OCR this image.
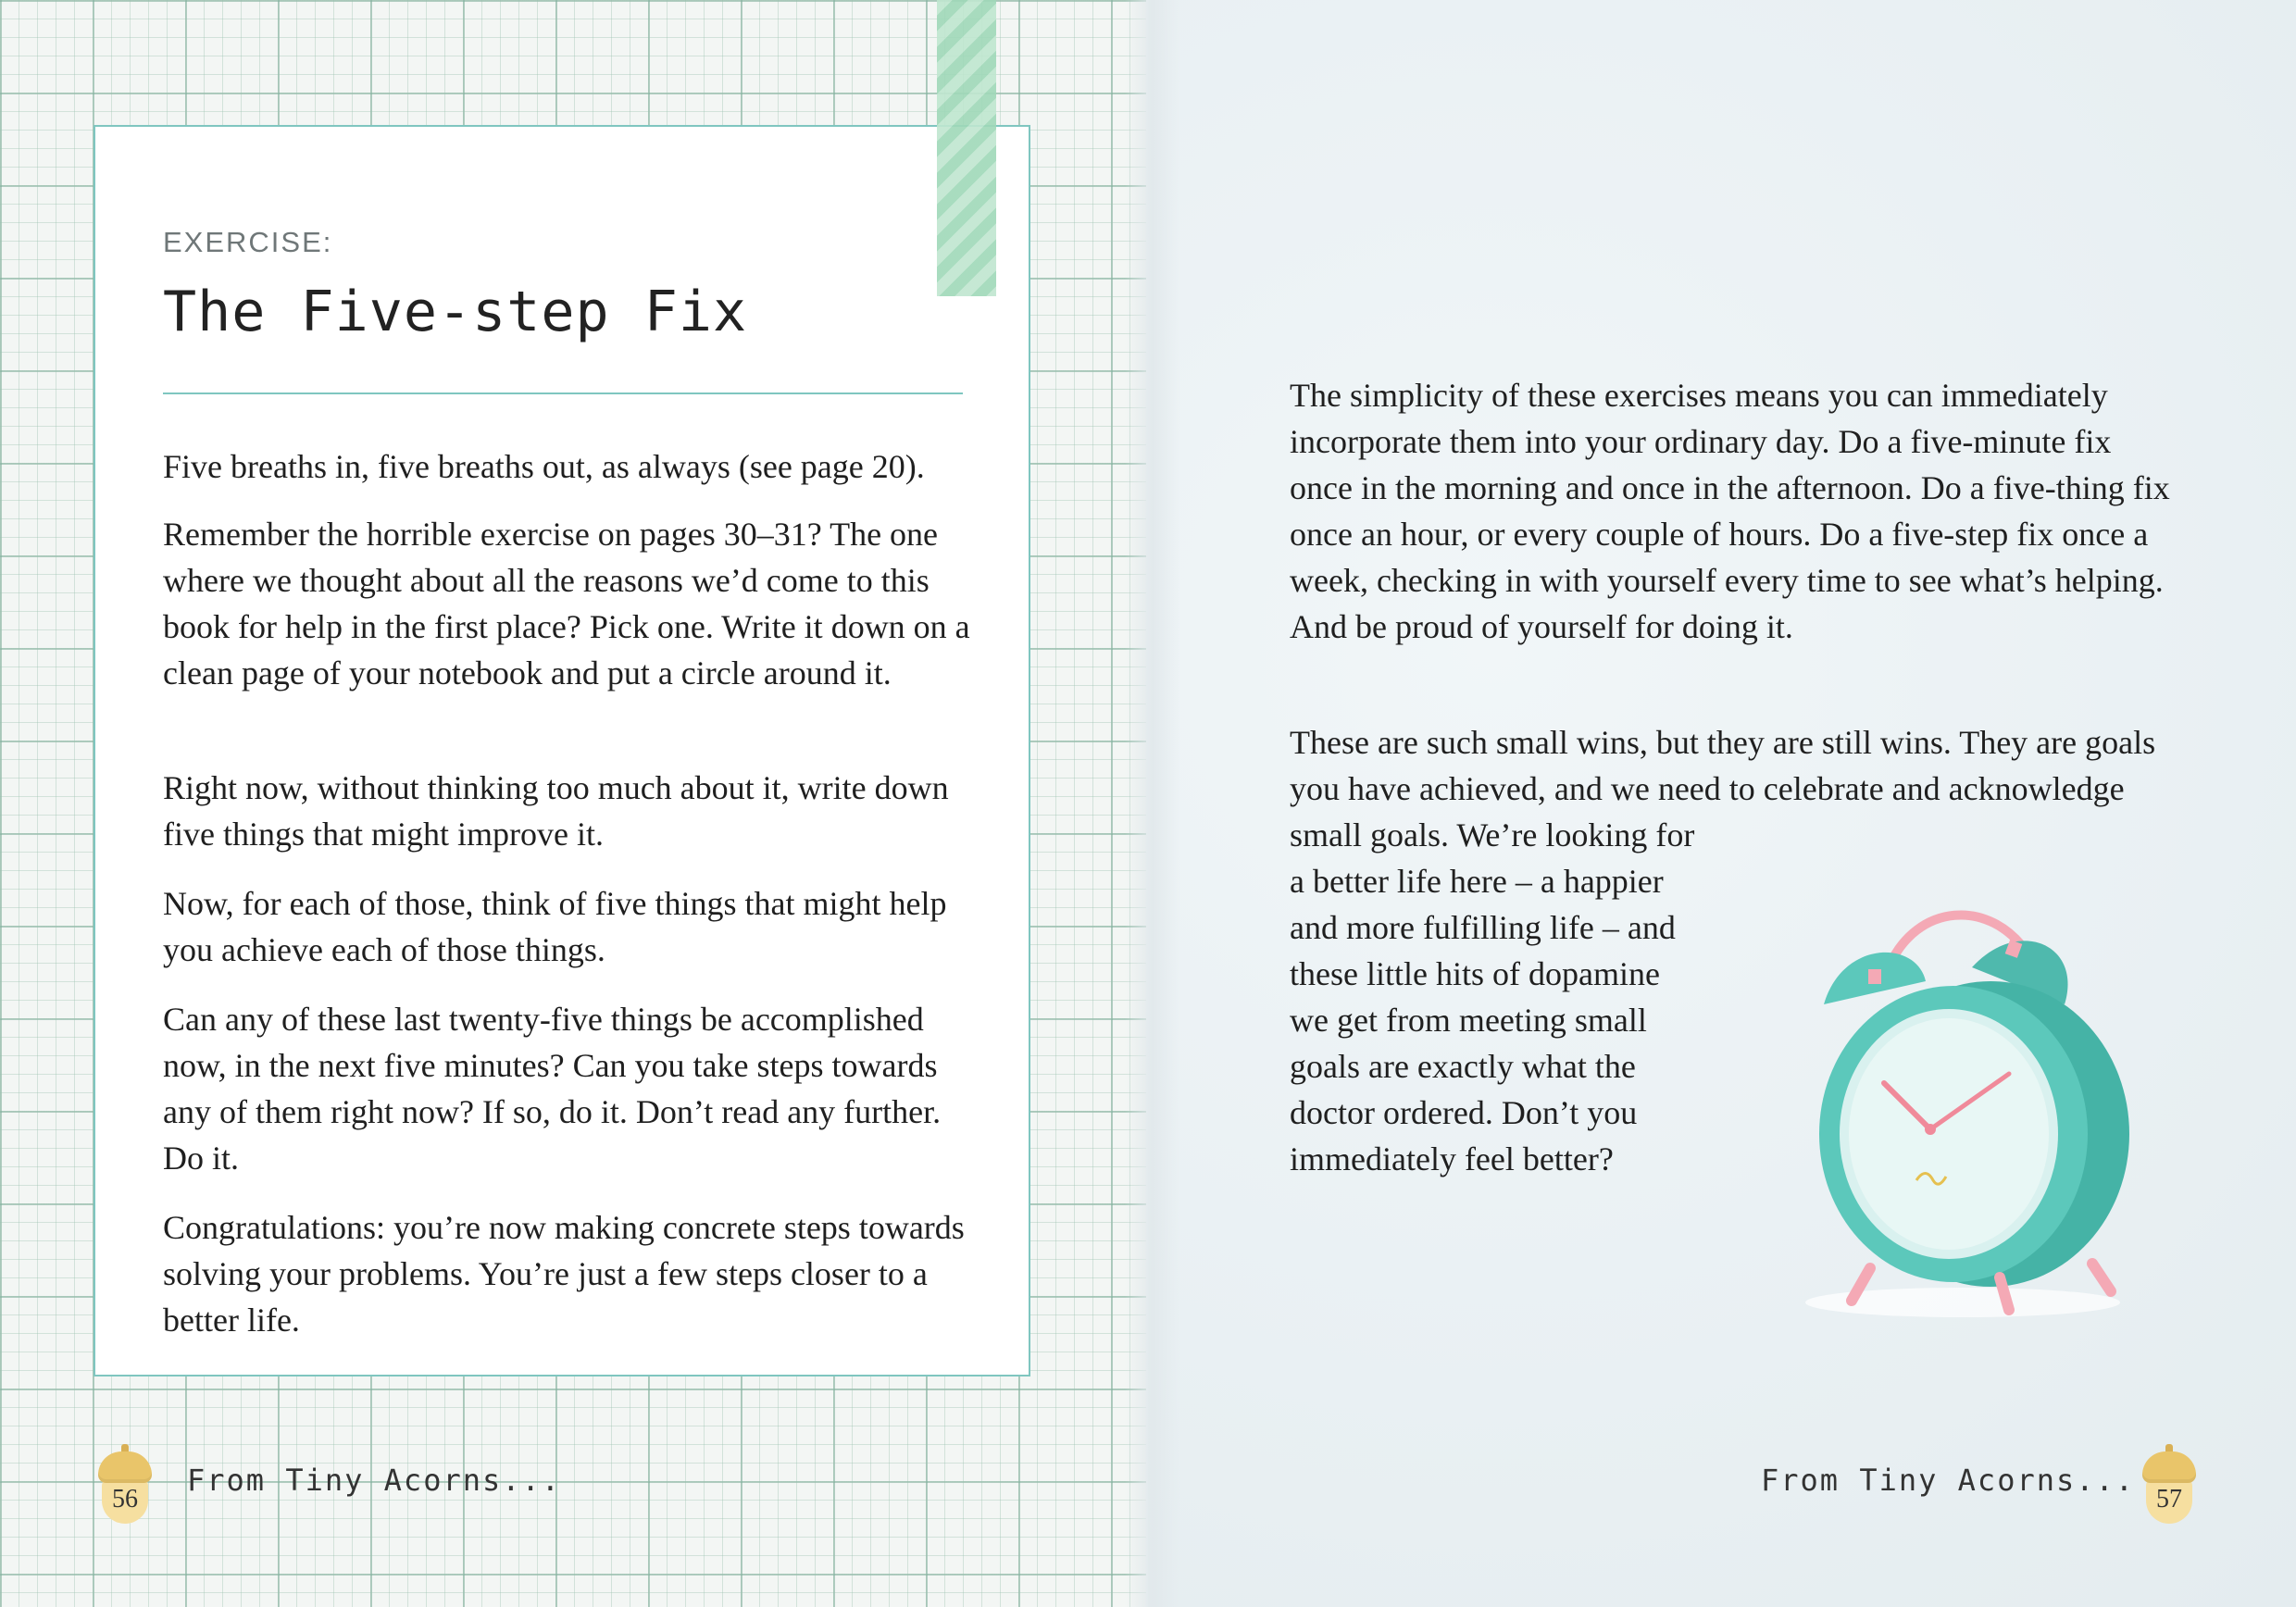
EXERCISE:
The Five-step Fix

Five breaths in, five breaths out, as always (see page 20).

Remember the horrible exercise on pages 30–31? The one where we thought about all the reasons we’d come to this book for help in the first place? Pick one. Write it down on a clean page of your notebook and put a circle around it.

Right now, without thinking too much about it, write down five things that might improve it.

Now, for each of those, think of five things that might help you achieve each of those things.

Can any of these last twenty-five things be accomplished now, in the next five minutes? Can you take steps towards any of them right now? If so, do it. Don’t read any further. Do it.

Congratulations: you’re now making concrete steps towards solving your problems. You’re just a few steps closer to a better life.

The simplicity of these exercises means you can immediately incorporate them into your ordinary day. Do a five-minute fix once in the morning and once in the afternoon. Do a five-thing fix once an hour, or every couple of hours. Do a five-step fix once a week, checking in with yourself every time to see what’s helping. And be proud of yourself for doing it.

These are such small wins, but they are still wins. They are goals you have achieved, and we need to celebrate and acknowledge small goals. We’re looking for a better life here – a happier and more fulfilling life – and these little hits of dopamine we get from meeting small goals are exactly what the doctor ordered. Don’t you immediately feel better?

56
From Tiny Acorns...	From Tiny Acorns...
57
